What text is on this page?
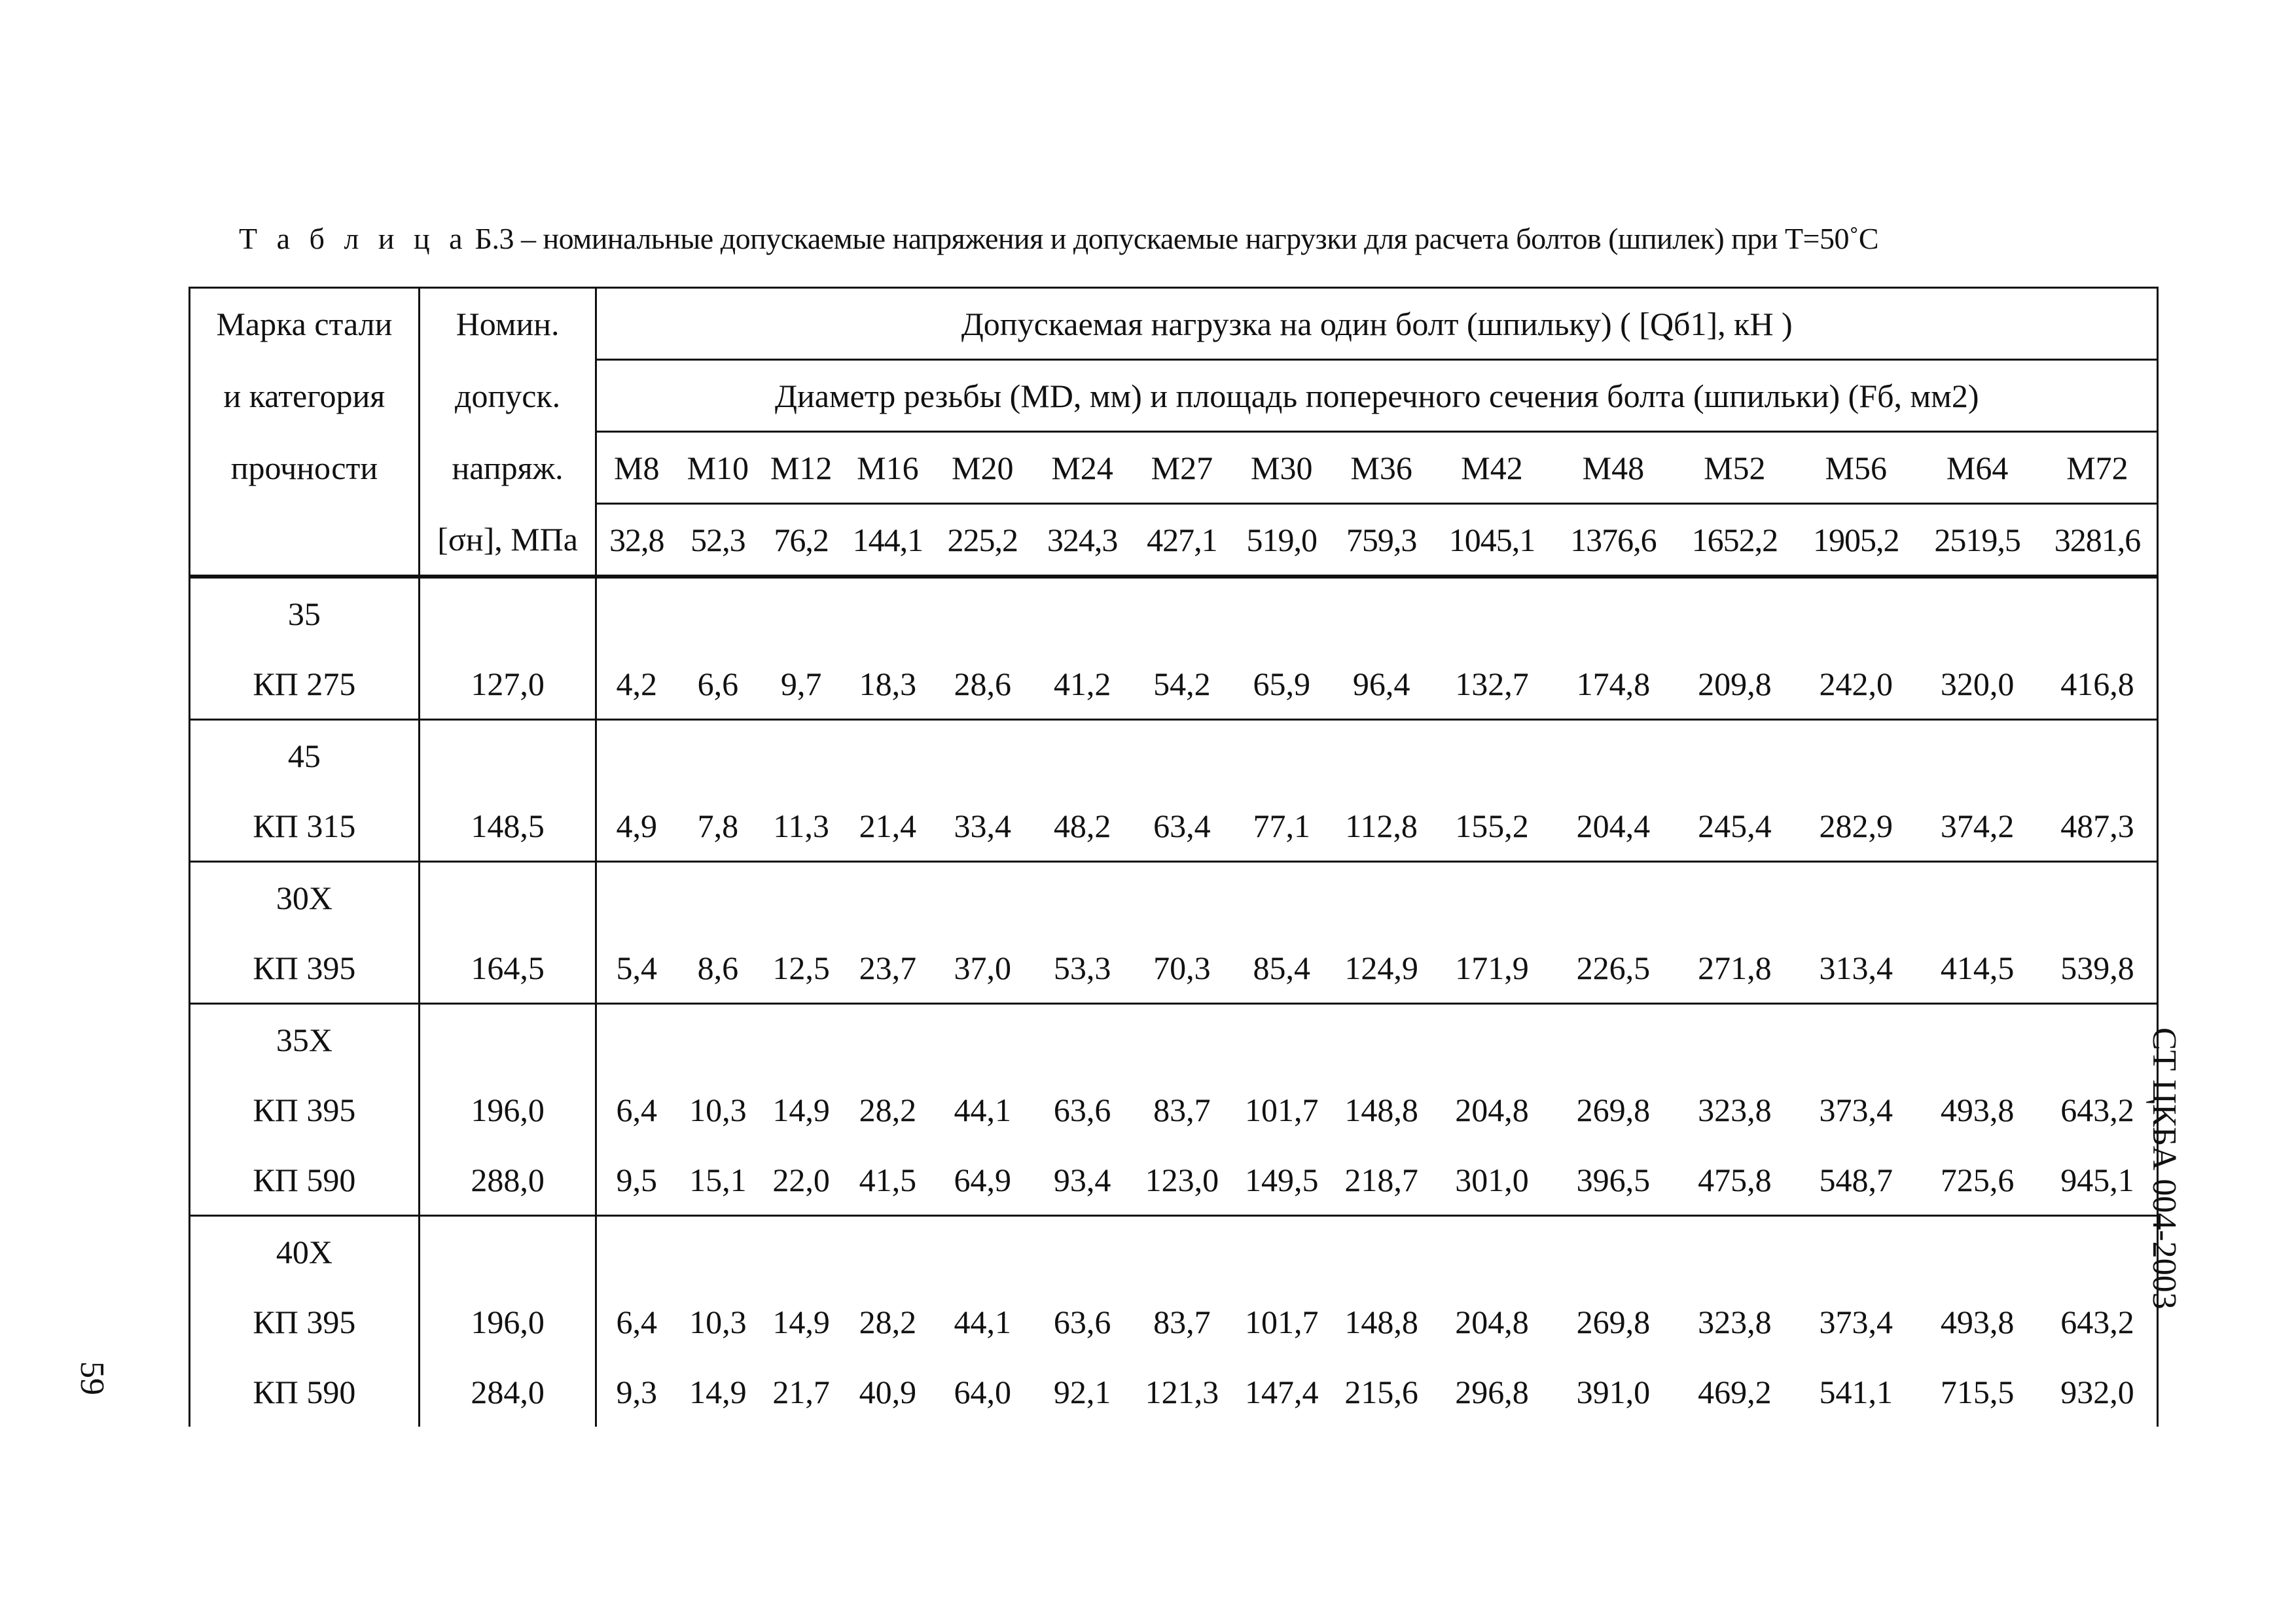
Т а б л и ц а Б.3 – номинальные допускаемые напряжения и допускаемые нагрузки для расчета болтов (шпилек) при Т=50˚С
Марка стали	Номин.	Допускаемая нагрузка на один болт (шпильку) ( [Qб1], кН )														
и категория	допуск.	Диаметр резьбы (MD, мм) и площадь поперечного сечения болта (шпильки) (Fб, мм2)														
прочности	напряж.	M8	M10	M12	M16	M20	M24	M27	M30	M36	M42	M48	M52	M56	M64	M72
	[σн], МПа	32,8	52,3	76,2	144,1	225,2	324,3	427,1	519,0	759,3	1045,1	1376,6	1652,2	1905,2	2519,5	3281,6
35																
КП 275	127,0	4,2	6,6	9,7	18,3	28,6	41,2	54,2	65,9	96,4	132,7	174,8	209,8	242,0	320,0	416,8
45																
КП 315	148,5	4,9	7,8	11,3	21,4	33,4	48,2	63,4	77,1	112,8	155,2	204,4	245,4	282,9	374,2	487,3
30Х																
КП 395	164,5	5,4	8,6	12,5	23,7	37,0	53,3	70,3	85,4	124,9	171,9	226,5	271,8	313,4	414,5	539,8
35Х																
КП 395	196,0	6,4	10,3	14,9	28,2	44,1	63,6	83,7	101,7	148,8	204,8	269,8	323,8	373,4	493,8	643,2
КП 590	288,0	9,5	15,1	22,0	41,5	64,9	93,4	123,0	149,5	218,7	301,0	396,5	475,8	548,7	725,6	945,1
40Х																
КП 395	196,0	6,4	10,3	14,9	28,2	44,1	63,6	83,7	101,7	148,8	204,8	269,8	323,8	373,4	493,8	643,2
КП 590	284,0	9,3	14,9	21,7	40,9	64,0	92,1	121,3	147,4	215,6	296,8	391,0	469,2	541,1	715,5	932,0
СТ ЦКБА 004-2003
59
